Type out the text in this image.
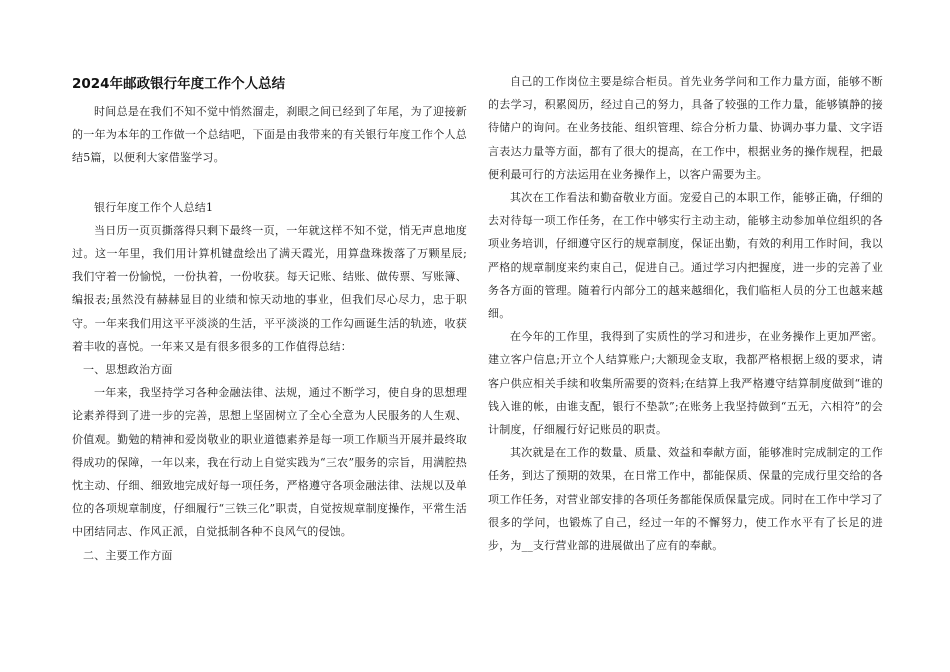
2024年邮政银行年度工作个人总结

时间总是在我们不知不觉中悄然溜走，刹眼之间已经到了年尾，为了迎接新的一年为本年的工作做一个总结吧，下面是由我带来的有关银行年度工作个人总结5篇，以便利大家借鉴学习。

银行年度工作个人总结1

当日历一页页撕落得只剩下最终一页，一年就这样不知不觉，悄无声息地度过。这一年里，我们用计算机键盘绘出了满天霞光，用算盘珠拨落了万颗星辰;我们守着一份愉悦，一份执着，一份收获。每天记账、结账、做传票、写账簿、编报表;虽然没有赫赫显目的业绩和惊天动地的事业，但我们尽心尽力，忠于职守。一年来我们用这平平淡淡的生活，平平淡淡的工作勾画诞生活的轨迹，收获着丰收的喜悦。一年来又是有很多很多的工作值得总结：

一、思想政治方面

一年来，我坚持学习各种金融法律、法规，通过不断学习，使自身的思想理论素养得到了进一步的完善，思想上坚固树立了全心全意为人民服务的人生观、价值观。勤勉的精神和爱岗敬业的职业道德素养是每一项工作顺当开展并最终取得成功的保障，一年以来，我在行动上自觉实践为“三农”服务的宗旨，用满腔热忱主动、仔细、细致地完成好每一项任务，严格遵守各项金融法律、法规以及单位的各项规章制度，仔细履行“三铁三化”职责，自觉按规章制度操作，平常生活中团结同志、作风正派，自觉抵制各种不良风气的侵蚀。

二、主要工作方面

自己的工作岗位主要是综合柜员。首先业务学问和工作力量方面，能够不断的去学习，积累阅历，经过自己的努力，具备了较强的工作力量，能够镇静的接待储户的询问。在业务技能、组织管理、综合分析力量、协调办事力量、文字语言表达力量等方面，都有了很大的提高，在工作中，根据业务的操作规程，把最便利最可行的方法运用在业务操作上，以客户需要为主。

其次在工作看法和勤奋敬业方面。宠爱自己的本职工作，能够正确，仔细的去对待每一项工作任务，在工作中够实行主动主动，能够主动参加单位组织的各项业务培训，仔细遵守区行的规章制度，保证出勤，有效的利用工作时间，我以严格的规章制度来约束自己，促进自己。通过学习内把握度，进一步的完善了业务各方面的管理。随着行内部分工的越来越细化，我们临柜人员的分工也越来越细。

在今年的工作里，我得到了实质性的学习和进步，在业务操作上更加严密。建立客户信息;开立个人结算账户;大额现金支取，我都严格根据上级的要求，请客户供应相关手续和收集所需要的资料;在结算上我严格遵守结算制度做到“谁的钱入谁的帐，由谁支配，银行不垫款”;在账务上我坚持做到“五无，六相符”的会计制度，仔细履行好记账员的职责。

其次就是在工作的数量、质量、效益和奉献方面，能够准时完成制定的工作任务，到达了预期的效果，在日常工作中，都能保质、保量的完成行里交给的各项工作任务，对营业部安排的各项任务都能保质保量完成。同时在工作中学习了很多的学问，也锻炼了自己，经过一年的不懈努力，使工作水平有了长足的进步，为__支行营业部的进展做出了应有的奉献。
